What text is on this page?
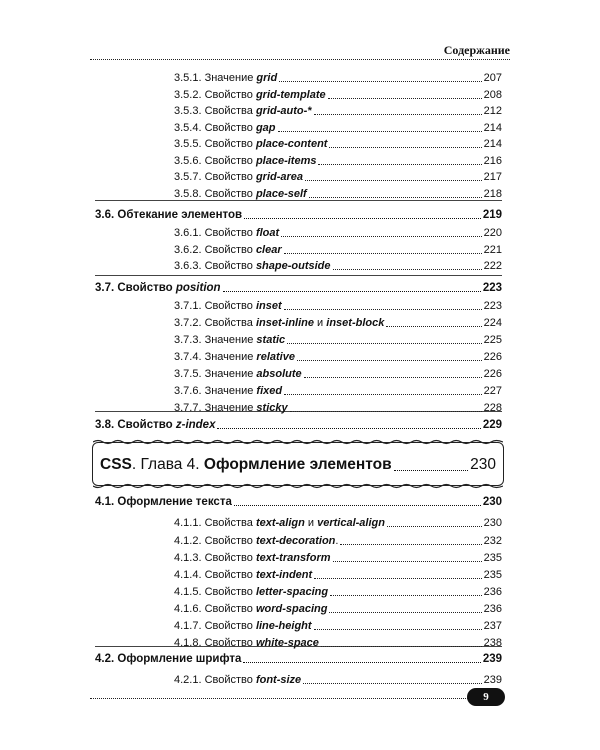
Содержание
CSS .
Глава 4.
Оформление элементов	230
3.5.1. Значение grid	207
3.5.2. Свойство grid-template	208
3.5.3. Свойства grid-auto-*	212
3.5.4. Свойство gap	214
3.5.5. Свойство place-content	214
3.5.6. Свойство place-items	216
3.5.7. Свойство grid-area	217
3.5.8. Свойство place-self	218
3.6. Обтекание элементов	219
3.6.1. Свойство float	220
3.6.2. Свойство clear	221
3.6.3. Свойство shape-outside	222
3.7. Свойство position	223
3.7.1. Свойство inset	223
3.7.2. Свойства inset-inline и inset-block	224
3.7.3. Значение static	225
3.7.4. Значение relative	226
3.7.5. Значение absolute	226
3.7.6. Значение fixed	227
3.7.7. Значение sticky	228
3.8. Свойство z-index	229
4.1. Оформление текста	230
4.1.1. Свойства text-align и vertical-align	230
4.1.2. Свойство text-decoration.	232
4.1.3. Свойство text-transform	235
4.1.4. Свойство text-indent	235
4.1.5. Свойство letter-spacing	236
4.1.6. Свойство word-spacing	236
4.1.7. Свойство line-height	237
4.1.8. Свойство white-space	238
4.2. Оформление шрифта	239
4.2.1. Свойство font-size	239
9
